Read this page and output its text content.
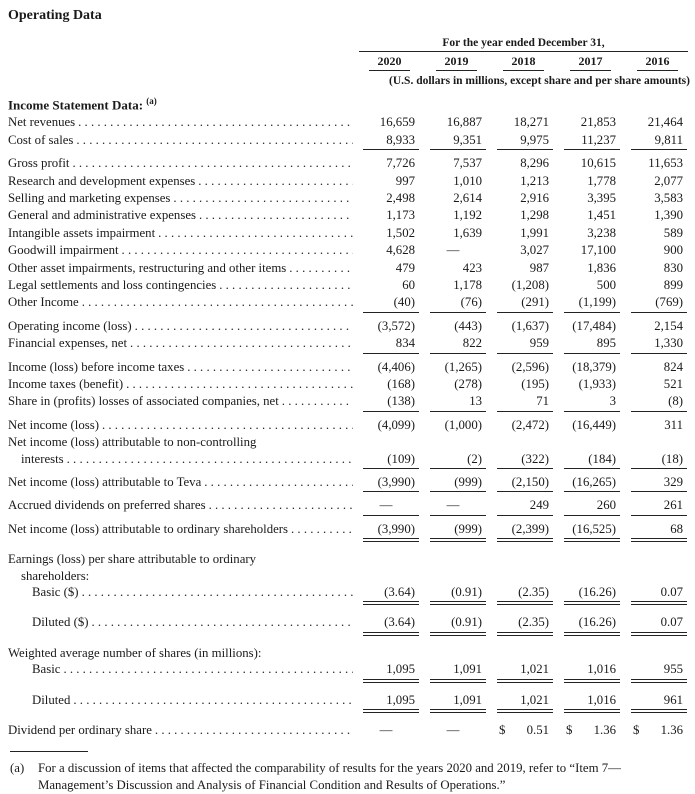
Operating Data
For the year ended December 31,
2020	2019	2018	2017	2016
(U.S. dollars in millions, except share and per share amounts)
Income Statement Data: $^{(a)}$
Net revenues . . .	16,659	16,887	18,271	21,853	21,464
Cost of sales . . .	8,933	9,351	9,975	11,237	9,811
Gross profit . . .	7,726	7,537	8,296	10,615	11,653
Research and development expenses . . .	997	1,010	1,213	1,778	2,077
Selling and marketing expenses . . .	2,498	2,614	2,916	3,395	3,583
General and administrative expenses . . .	1,173	1,192	1,298	1,451	1,390
Intangible assets impairment . . .	1,502	1,639	1,991	3,238	589
Goodwill impairment . . .	4,628	—	3,027	17,100	900
Other asset impairments, restructuring and other items . . .	479	423	987	1,836	830
Legal settlements and loss contingencies . . .	60	1,178	(1,208)	500	899
Other Income . . .	(40)	(76)	(291)	(1,199)	(769)
Operating income (loss) . . .	(3,572)	(443)	(1,637)	(17,484)	2,154
Financial expenses, net . . .	834	822	959	895	1,330
Income (loss) before income taxes . . .	(4,406)	(1,265)	(2,596)	(18,379)	824
Income taxes (benefit) . . .	(168)	(278)	(195)	(1,933)	521
Share in (profits) losses of associated companies, net . . .	(138)	13	71	3	(8)
Net income (loss) . . .	(4,099)	(1,000)	(2,472)	(16,449)	311
Net income (loss) attributable to non-controlling
interests . . .	(109)	(2)	(322)	(184)	(18)
Net income (loss) attributable to Teva . . .	(3,990)	(999)	(2,150)	(16,265)	329
Accrued dividends on preferred shares . . .	—	—	249	260	261
Net income (loss) attributable to ordinary shareholders . . .	(3,990)	(999)	(2,399)	(16,525)	68
Earnings (loss) per share attributable to ordinary
shareholders:
Basic ($) . . .	(3.64)	(0.91)	(2.35)	(16.26)	0.07
Diluted ($) . . .	(3.64)	(0.91)	(2.35)	(16.26)	0.07
Weighted average number of shares (in millions):
Basic . . .	1,095	1,091	1,021	1,016	955
Diluted . . .	1,095	1,091	1,021	1,016	961
Dividend per ordinary share . . .	—	—	$ 0.51 $ 1.36 $ 1.36
(a) For a discussion of items that affected the comparability of results for the years 2020 and 2019, refer to “Item 7—Management’s Discussion and Analysis of Financial Condition and Results of Operations.”
